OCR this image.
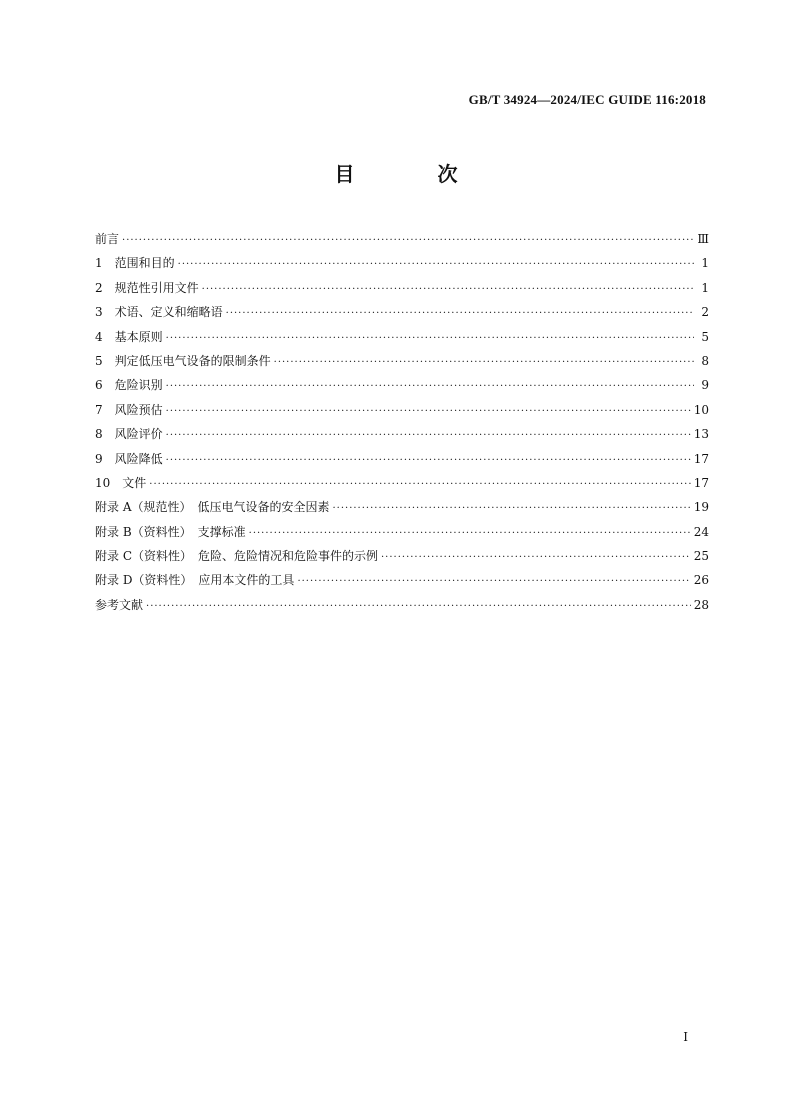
GB/T 34924—2024/IEC GUIDE 116:2018
目 次
前言 ·····	Ⅲ
1　范围和目的 ·····	1
2　规范性引用文件 ·····	1
3　术语、定义和缩略语 ·····	2
4　基本原则 ·····	5
5　判定低压电气设备的限制条件 ·····	8
6　危险识别 ·····	9
7　风险预估 ·····	10
8　风险评价 ·····	13
9　风险降低 ·····	17
10　文件 ·····	17
附录 A（规范性）　低压电气设备的安全因素 ·····	19
附录 B（资料性）　支撑标准 ·····	24
附录 C（资料性）　危险、危险情况和危险事件的示例 ·····	25
附录 D（资料性）　应用本文件的工具 ·····	26
参考文献 ·····	28
I
